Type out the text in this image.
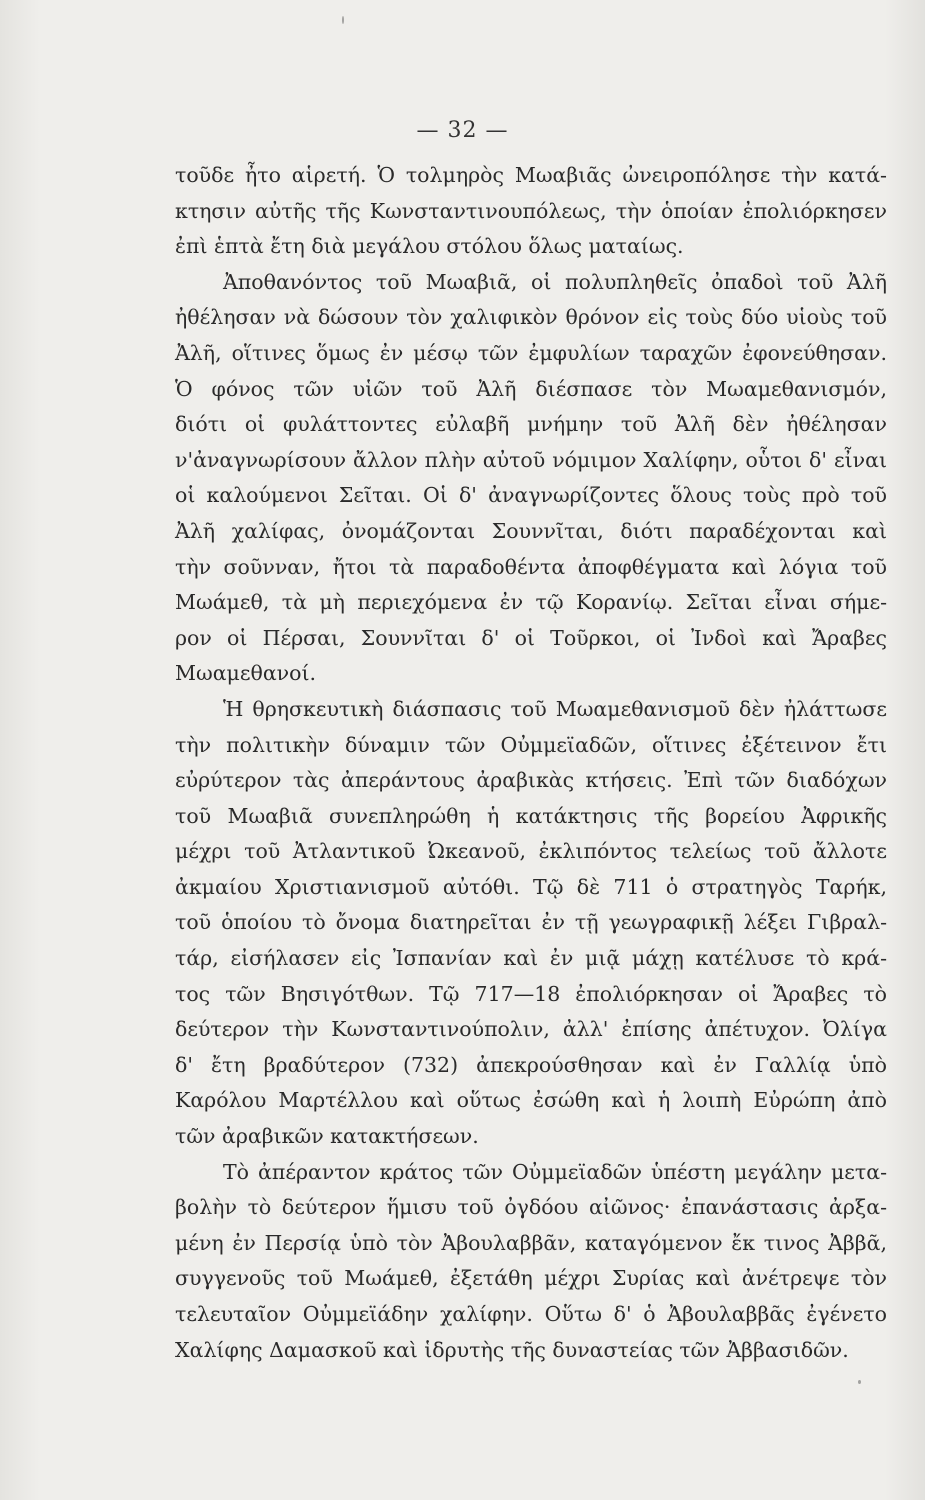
— 32 —

τοῦδε ἦτο αἱρετή. Ὁ τολμηρὸς Μωαβιᾶς ὠνειροπόλησε τὴν κατά-

κτησιν αὐτῆς τῆς Κωνσταντινουπόλεως, τὴν ὁποίαν ἐπολιόρκησεν

ἐπὶ ἑπτὰ ἔτη διὰ μεγάλου στόλου ὅλως ματαίως.

Ἀποθανόντος τοῦ Μωαβιᾶ, οἱ πολυπληθεῖς ὀπαδοὶ τοῦ Ἀλῆ

ἠθέλησαν νὰ δώσουν τὸν χαλιφικὸν θρόνον εἰς τοὺς δύο υἱοὺς τοῦ

Ἀλῆ, οἵτινες ὅμως ἐν μέσῳ τῶν ἐμφυλίων ταραχῶν ἐφονεύθησαν.

Ὁ φόνος τῶν υἱῶν τοῦ Ἀλῆ διέσπασε τὸν Μωαμεθανισμόν,

διότι οἱ φυλάττοντες εὐλαβῆ μνήμην τοῦ Ἀλῆ δὲν ἠθέλησαν

ν'ἀναγνωρίσουν ἄλλον πλὴν αὐτοῦ νόμιμον Χαλίφην, οὗτοι δ' εἶναι

οἱ καλούμενοι Σεῖται. Οἱ δ' ἀναγνωρίζοντες ὅλους τοὺς πρὸ τοῦ

Ἀλῆ χαλίφας, ὀνομάζονται Σουννῖται, διότι παραδέχονται καὶ

τὴν σοῦνναν, ἤτοι τὰ παραδοθέντα ἀποφθέγματα καὶ λόγια τοῦ

Μωάμεθ, τὰ μὴ περιεχόμενα ἐν τῷ Κορανίῳ. Σεῖται εἶναι σήμε-

ρον οἱ Πέρσαι, Σουννῖται δ' οἱ Τοῦρκοι, οἱ Ἰνδοὶ καὶ Ἄραβες

Μωαμεθανοί.

Ἡ θρησκευτικὴ διάσπασις τοῦ Μωαμεθανισμοῦ δὲν ἠλάττωσε

τὴν πολιτικὴν δύναμιν τῶν Οὐμμεϊαδῶν, οἵτινες ἐξέτεινον ἔτι

εὐρύτερον τὰς ἀπεράντους ἀραβικὰς κτήσεις. Ἐπὶ τῶν διαδόχων

τοῦ Μωαβιᾶ συνεπληρώθη ἡ κατάκτησις τῆς βορείου Ἀφρικῆς

μέχρι τοῦ Ἀτλαντικοῦ Ὠκεανοῦ, ἐκλιπόντος τελείως τοῦ ἄλλοτε

ἀκμαίου Χριστιανισμοῦ αὐτόθι. Τῷ δὲ 711 ὁ στρατηγὸς Ταρήκ,

τοῦ ὁποίου τὸ ὄνομα διατηρεῖται ἐν τῇ γεωγραφικῇ λέξει Γιβραλ-

τάρ, εἰσήλασεν εἰς Ἰσπανίαν καὶ ἐν μιᾷ μάχῃ κατέλυσε τὸ κρά-

τος τῶν Βησιγότθων. Τῷ 717—18 ἐπολιόρκησαν οἱ Ἄραβες τὸ

δεύτερον τὴν Κωνσταντινούπολιν, ἀλλ' ἐπίσης ἀπέτυχον. Ὀλίγα

δ' ἔτη βραδύτερον (732) ἀπεκρούσθησαν καὶ ἐν Γαλλίᾳ ὑπὸ

Καρόλου Μαρτέλλου καὶ οὕτως ἐσώθη καὶ ἡ λοιπὴ Εὐρώπη ἀπὸ

τῶν ἀραβικῶν κατακτήσεων.

Τὸ ἀπέραντον κράτος τῶν Οὐμμεϊαδῶν ὑπέστη μεγάλην μετα-

βολὴν τὸ δεύτερον ἥμισυ τοῦ ὀγδόου αἰῶνος· ἐπανάστασις ἀρξα-

μένη ἐν Περσίᾳ ὑπὸ τὸν Ἀβουλαββᾶν, καταγόμενον ἔκ τινος Ἀββᾶ,

συγγενοῦς τοῦ Μωάμεθ, ἐξετάθη μέχρι Συρίας καὶ ἀνέτρεψε τὸν

τελευταῖον Οὐμμεϊάδην χαλίφην. Οὕτω δ' ὁ Ἀβουλαββᾶς ἐγένετο

Χαλίφης Δαμασκοῦ καὶ ἱδρυτὴς τῆς δυναστείας τῶν Ἀββασιδῶν.
